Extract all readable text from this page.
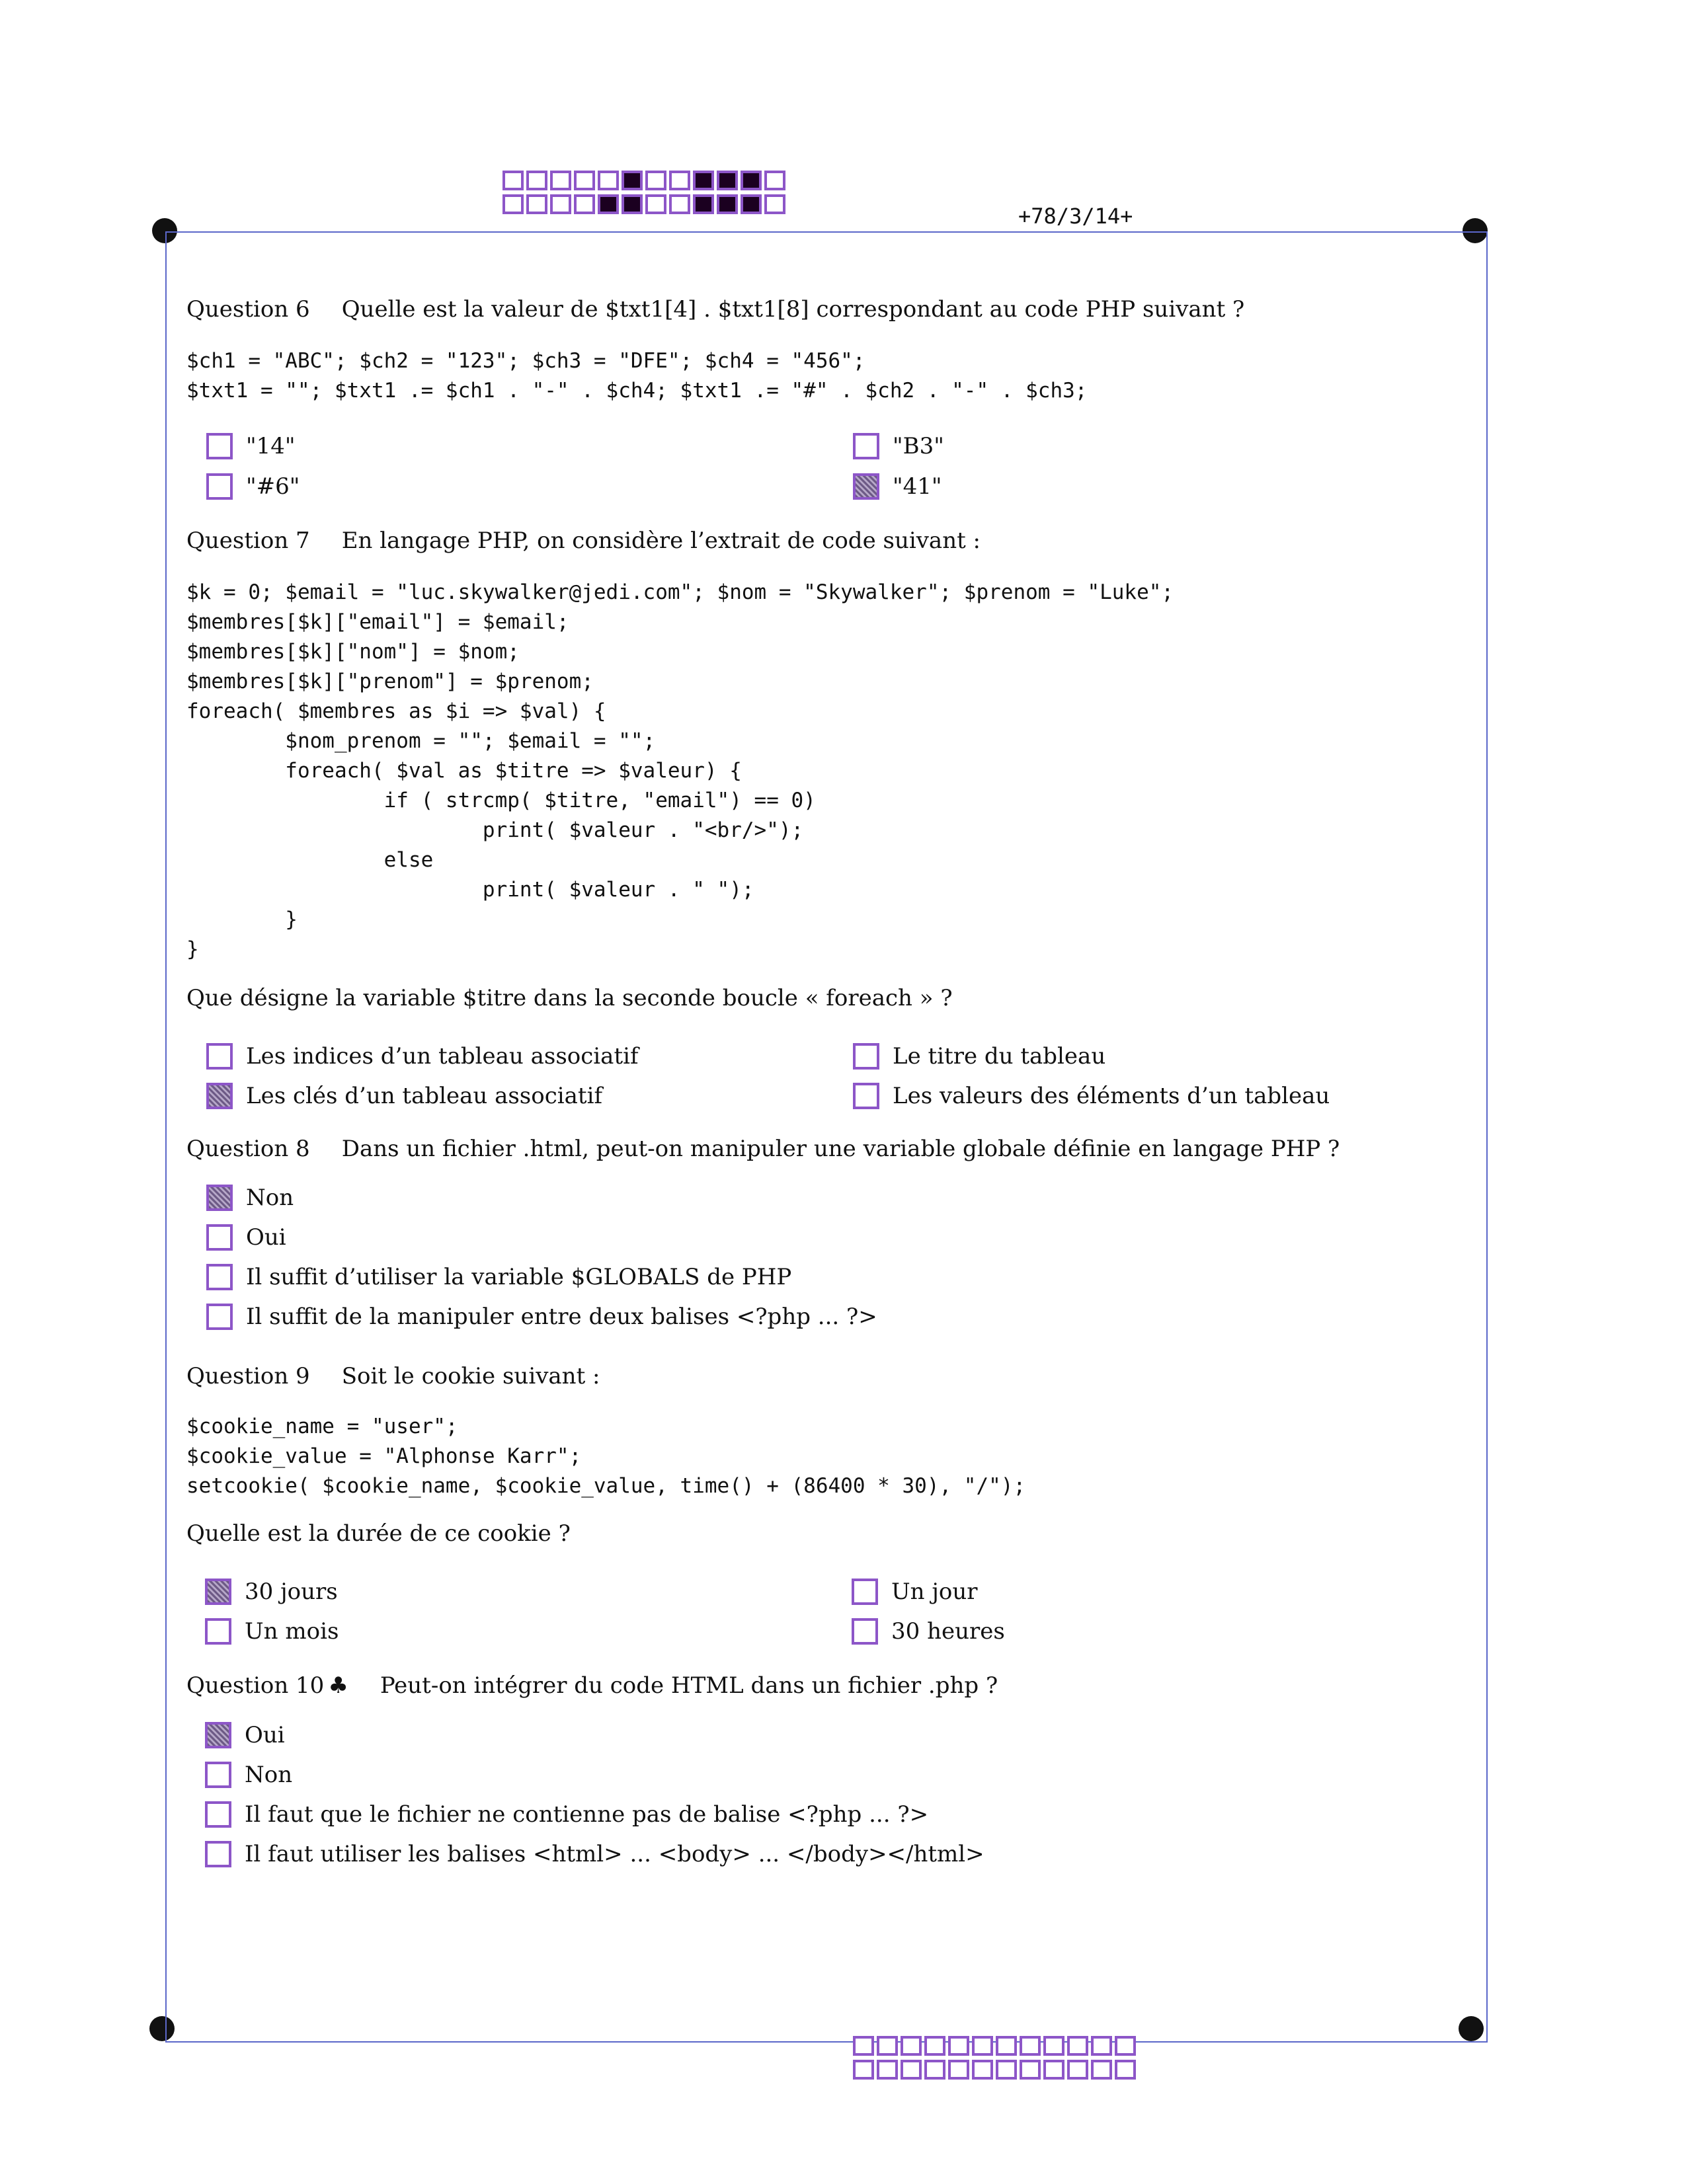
+78/3/14+
Question 6 Quelle est la valeur de $txt1[4] . $txt1[8] correspondant au code PHP suivant ?
$ch1 = "ABC"; $ch2 = "123"; $ch3 = "DFE"; $ch4 = "456";
$txt1 = ""; $txt1 .= $ch1 . "-" . $ch4; $txt1 .= "#" . $ch2 . "-" . $ch3;
"14"	"B3"
"#6"	"41"
Question 7 En langage PHP, on considère l’extrait de code suivant :
$k = 0; $email = "luc.skywalker@jedi.com"; $nom = "Skywalker"; $prenom = "Luke";
$membres[$k]["email"] = $email;
$membres[$k]["nom"] = $nom;
$membres[$k]["prenom"] = $prenom;
foreach( $membres as $i => $val) {
$nom_prenom = ""; $email = "";
foreach( $val as $titre => $valeur) {
if ( strcmp( $titre, "email") == 0)
print( $valeur . "<br/>");
else
print( $valeur . " ");
}
}
Que désigne la variable $titre dans la seconde boucle « foreach » ?
Les indices d’un tableau associatif	Le titre du tableau
Les clés d’un tableau associatif	Les valeurs des éléments d’un tableau
Question 8 Dans un fichier .html, peut-on manipuler une variable globale définie en langage PHP ?
Non
Oui
Il suffit d’utiliser la variable $GLOBALS de PHP
Il suffit de la manipuler entre deux balises <?php ... ?>
Question 9 Soit le cookie suivant :
$cookie_name = "user";
$cookie_value = "Alphonse Karr";
setcookie( $cookie_name, $cookie_value, time() + (86400 * 30), "/");
Quelle est la durée de ce cookie ?
30 jours	Un jour
Un mois	30 heures
Question 10 ♣ Peut-on intégrer du code HTML dans un fichier .php ?
Oui
Non
Il faut que le fichier ne contienne pas de balise <?php ... ?>
Il faut utiliser les balises <html> ... <body> ... </body></html>
